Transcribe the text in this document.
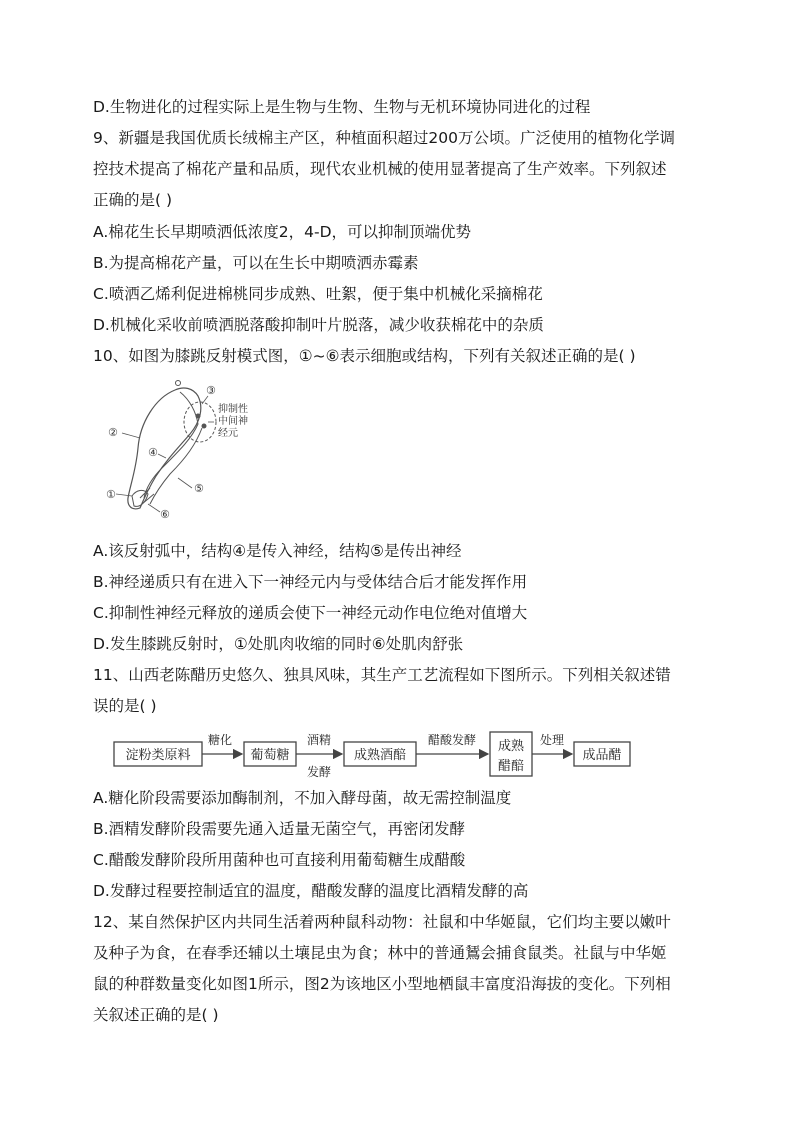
D.生物进化的过程实际上是生物与生物、生物与无机环境协同进化的过程
9、新疆是我国优质长绒棉主产区，种植面积超过200万公顷。广泛使用的植物化学调
控技术提高了棉花产量和品质，现代农业机械的使用显著提高了生产效率。下列叙述
正确的是( )
A.棉花生长早期喷洒低浓度2，4-D，可以抑制顶端优势
B.为提高棉花产量，可以在生长中期喷洒赤霉素
C.喷洒乙烯利促进棉桃同步成熟、吐絮，便于集中机械化采摘棉花
D.机械化采收前喷洒脱落酸抑制叶片脱落，减少收获棉花中的杂质
10、如图为膝跳反射模式图，①~⑥表示细胞或结构，下列有关叙述正确的是( )
①
②
③
④
⑤
⑥
抑制性
中间神
经元
A.该反射弧中，结构④是传入神经，结构⑤是传出神经
B.神经递质只有在进入下一神经元内与受体结合后才能发挥作用
C.抑制性神经元释放的递质会使下一神经元动作电位绝对值增大
D.发生膝跳反射时，①处肌肉收缩的同时⑥处肌肉舒张
11、山西老陈醋历史悠久、独具风味，其生产工艺流程如下图所示。下列相关叙述错
误的是( )
淀粉类原料	葡萄糖	成熟酒醅
成熟
醋醅
成品醋
糖化	酒精
发酵
醋酸发酵	处理
A.糖化阶段需要添加酶制剂，不加入酵母菌，故无需控制温度
B.酒精发酵阶段需要先通入适量无菌空气，再密闭发酵
C.醋酸发酵阶段所用菌种也可直接利用葡萄糖生成醋酸
D.发酵过程要控制适宜的温度，醋酸发酵的温度比酒精发酵的高
12、某自然保护区内共同生活着两种鼠科动物：社鼠和中华姬鼠，它们均主要以嫩叶
及种子为食，在春季还辅以土壤昆虫为食；林中的普通鵟会捕食鼠类。社鼠与中华姬
鼠的种群数量变化如图1所示，图2为该地区小型地栖鼠丰富度沿海拔的变化。下列相
关叙述正确的是( )
